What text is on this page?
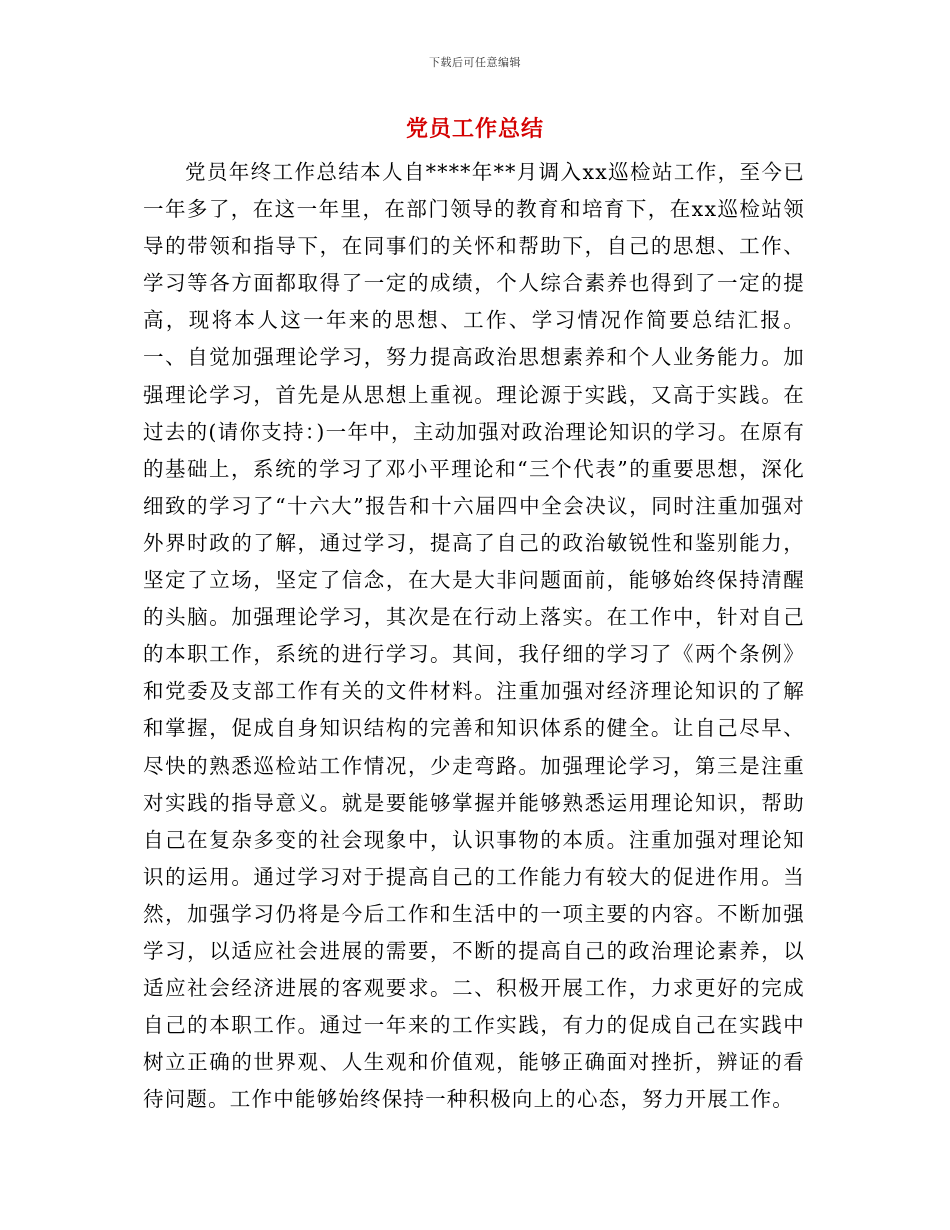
下载后可任意编辑
党员工作总结

党员年终工作总结本人自****年**月调入xx巡检站工作，至今已一年多了，在这一年里，在部门领导的教育和培育下，在xx巡检站领导的带领和指导下，在同事们的关怀和帮助下，自己的思想、工作、学习等各方面都取得了一定的成绩，个人综合素养也得到了一定的提高，现将本人这一年来的思想、工作、学习情况作简要总结汇报。一、自觉加强理论学习，努力提高政治思想素养和个人业务能力。加强理论学习，首先是从思想上重视。理论源于实践，又高于实践。在过去的(请你支持：)一年中，主动加强对政治理论知识的学习。在原有的基础上，系统的学习了邓小平理论和“三个代表”的重要思想，深化细致的学习了“十六大”报告和十六届四中全会决议，同时注重加强对外界时政的了解，通过学习，提高了自己的政治敏锐性和鉴别能力，坚定了立场，坚定了信念，在大是大非问题面前，能够始终保持清醒的头脑。加强理论学习，其次是在行动上落实。在工作中，针对自己的本职工作，系统的进行学习。其间，我仔细的学习了《两个条例》和党委及支部工作有关的文件材料。注重加强对经济理论知识的了解和掌握，促成自身知识结构的完善和知识体系的健全。让自己尽早、尽快的熟悉巡检站工作情况，少走弯路。加强理论学习，第三是注重对实践的指导意义。就是要能够掌握并能够熟悉运用理论知识，帮助自己在复杂多变的社会现象中，认识事物的本质。注重加强对理论知识的运用。通过学习对于提高自己的工作能力有较大的促进作用。当然，加强学习仍将是今后工作和生活中的一项主要的内容。不断加强学习，以适应社会进展的需要，不断的提高自己的政治理论素养，以适应社会经济进展的客观要求。二、积极开展工作，力求更好的完成自己的本职工作。通过一年来的工作实践，有力的促成自己在实践中树立正确的世界观、人生观和价值观，能够正确面对挫折，辨证的看待问题。工作中能够始终保持一种积极向上的心态，努力开展工作。
